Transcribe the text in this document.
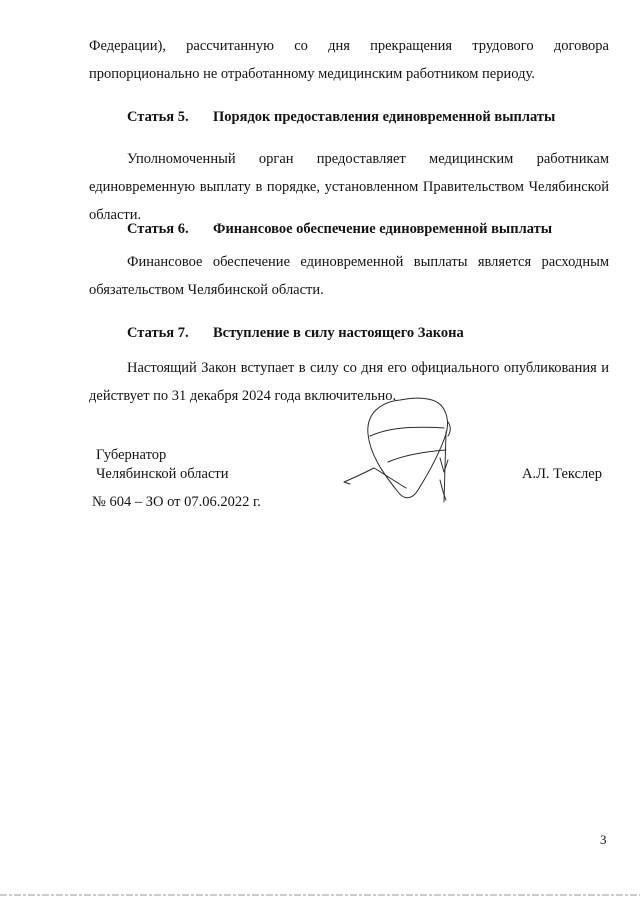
Федерации), рассчитанную со дня прекращения трудового договора пропорционально не отработанному медицинским работником периоду.
Статья 5. Порядок предоставления единовременной выплаты
Уполномоченный орган предоставляет медицинским работникам единовременную выплату в порядке, установленном Правительством Челябинской области.
Статья 6. Финансовое обеспечение единовременной выплаты
Финансовое обеспечение единовременной выплаты является расходным обязательством Челябинской области.
Статья 7. Вступление в силу настоящего Закона
Настоящий Закон вступает в силу со дня его официального опубликования и действует по 31 декабря 2024 года включительно.
Губернатор
Челябинской области	А.Л. Текслер
№ 604 – ЗО от 07.06.2022 г.
3
